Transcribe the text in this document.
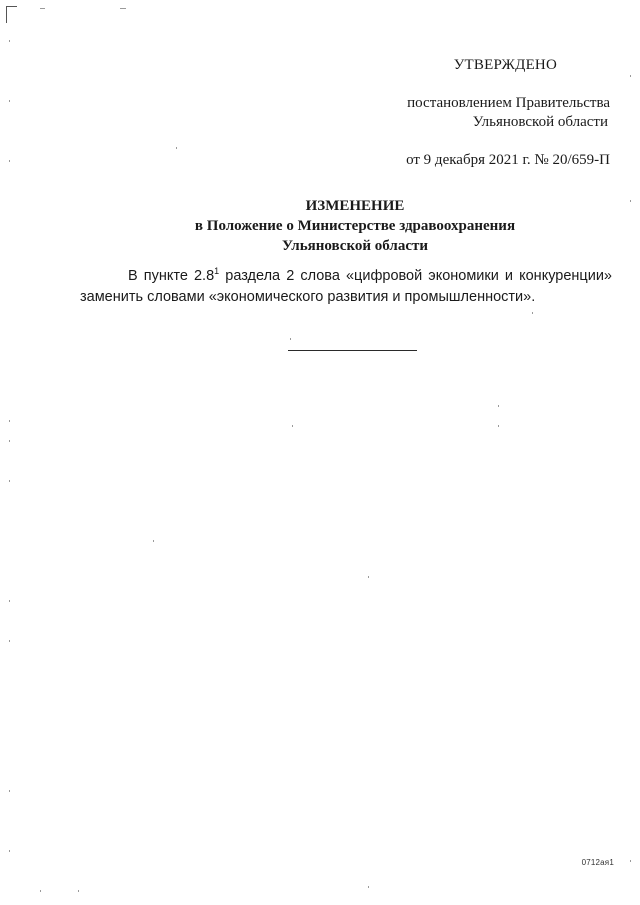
УТВЕРЖДЕНО
постановлением Правительства
Ульяновской области
от 9 декабря 2021 г. № 20/659-П
ИЗМЕНЕНИЕ
в Положение о Министерстве здравоохранения
Ульяновской области

В пункте $2.8^1$ раздела 2 слова «цифровой экономики и конкуренции» заменить словами «экономического развития и промышленности».

0712ая1
